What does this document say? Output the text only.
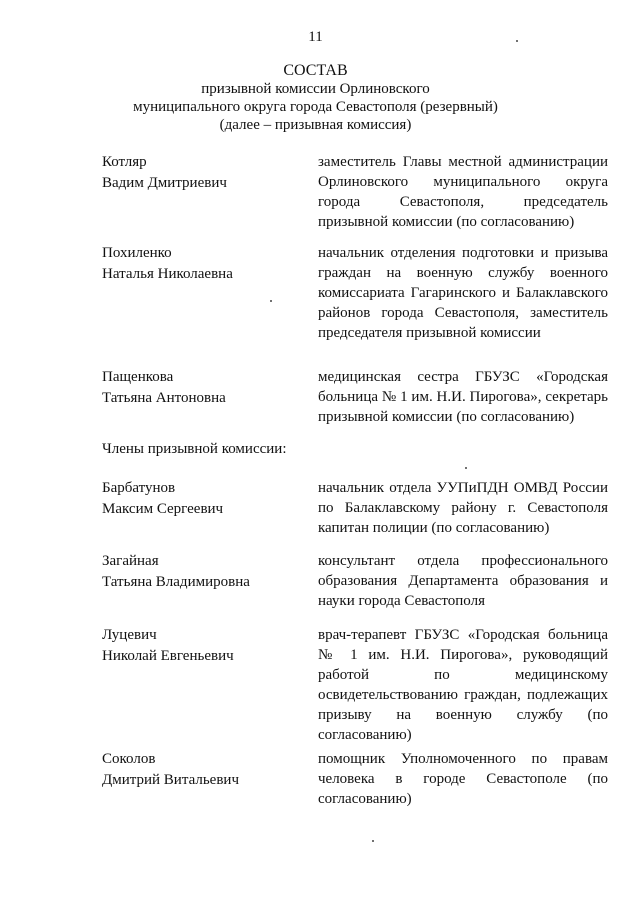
11
СОСТАВ
призывной комиссии Орлиновского
муниципального округа города Севастополя (резервный)
(далее – призывная комиссия)
Котляр
Вадим Дмитриевич
заместитель Главы местной администрации Орлиновского муниципального округа города Севастополя, председатель призывной комиссии (по согласованию)
Похиленко
Наталья Николаевна
начальник отделения подготовки и призыва граждан на военную службу военного комиссариата Гагаринского и Балаклавского районов города Севастополя, заместитель председателя призывной комиссии
Пащенкова
Татьяна Антоновна
медицинская сестра ГБУЗС «Городская больница № 1 им. Н.И. Пирогова», секретарь призывной комиссии (по согласованию)
Члены призывной комиссии:
Барбатунов
Максим Сергеевич
начальник отдела УУПиПДН ОМВД России по Балаклавскому району г. Севастополя капитан полиции (по согласованию)
Загайная
Татьяна Владимировна
консультант отдела профессионального образования Департамента образования и науки города Севастополя
Луцевич
Николай Евгеньевич
врач-терапевт ГБУЗС «Городская больница № 1 им. Н.И. Пирогова», руководящий работой по медицинскому освидетельствованию граждан, подлежащих призыву на военную службу (по согласованию)
Соколов
Дмитрий Витальевич
помощник Уполномоченного по правам человека в городе Севастополе (по согласованию)
